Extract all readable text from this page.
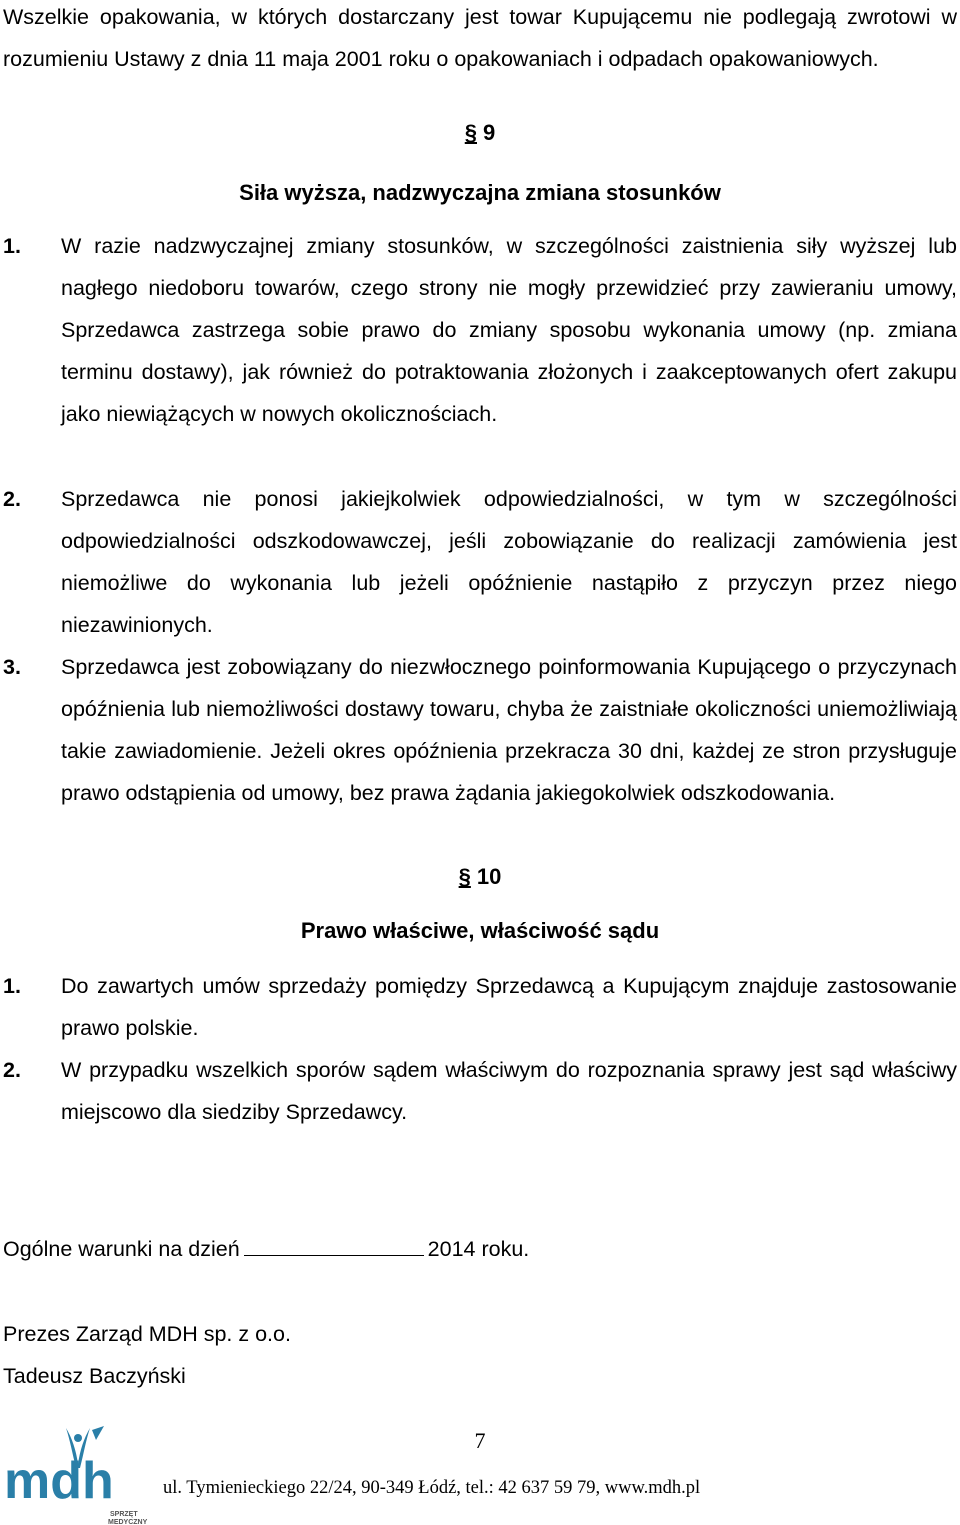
Wszelkie opakowania, w których dostarczany jest towar Kupującemu nie podlegają zwrotowi w rozumieniu Ustawy z dnia 11 maja 2001 roku o opakowaniach i odpadach opakowaniowych.

§ 9

Siła wyższa, nadzwyczajna zmiana stosunków

1. W razie nadzwyczajnej zmiany stosunków, w szczególności zaistnienia siły wyższej lub nagłego niedoboru towarów, czego strony nie mogły przewidzieć przy zawieraniu umowy, Sprzedawca zastrzega sobie prawo do zmiany sposobu wykonania umowy (np. zmiana terminu dostawy), jak również do potraktowania złożonych i zaakceptowanych ofert zakupu jako niewiążących w nowych okolicznościach.
2. Sprzedawca nie ponosi jakiejkolwiek odpowiedzialności, w tym w szczególności odpowiedzialności odszkodowawczej, jeśli zobowiązanie do realizacji zamówienia jest niemożliwe do wykonania lub jeżeli opóźnienie nastąpiło z przyczyn przez niego niezawinionych.
3. Sprzedawca jest zobowiązany do niezwłocznego poinformowania Kupującego o przyczynach opóźnienia lub niemożliwości dostawy towaru, chyba że zaistniałe okoliczności uniemożliwiają takie zawiadomienie. Jeżeli okres opóźnienia przekracza 30 dni, każdej ze stron przysługuje prawo odstąpienia od umowy, bez prawa żądania jakiegokolwiek odszkodowania.

§ 10

Prawo właściwe, właściwość sądu

1. Do zawartych umów sprzedaży pomiędzy Sprzedawcą a Kupującym znajduje zastosowanie prawo polskie.
2. W przypadku wszelkich sporów sądem właściwym do rozpoznania sprawy jest sąd właściwy miejscowo dla siedziby Sprzedawcy.

Ogólne warunki na dzień	2014 roku.

Prezes Zarząd MDH sp. z o.o.

Tadeusz Baczyński

7

mdh
SPRZĘT
MEDYCZNY

ul. Tymienieckiego 22/24, 90-349 Łódź, tel.: 42 637 59 79, www.mdh.pl
